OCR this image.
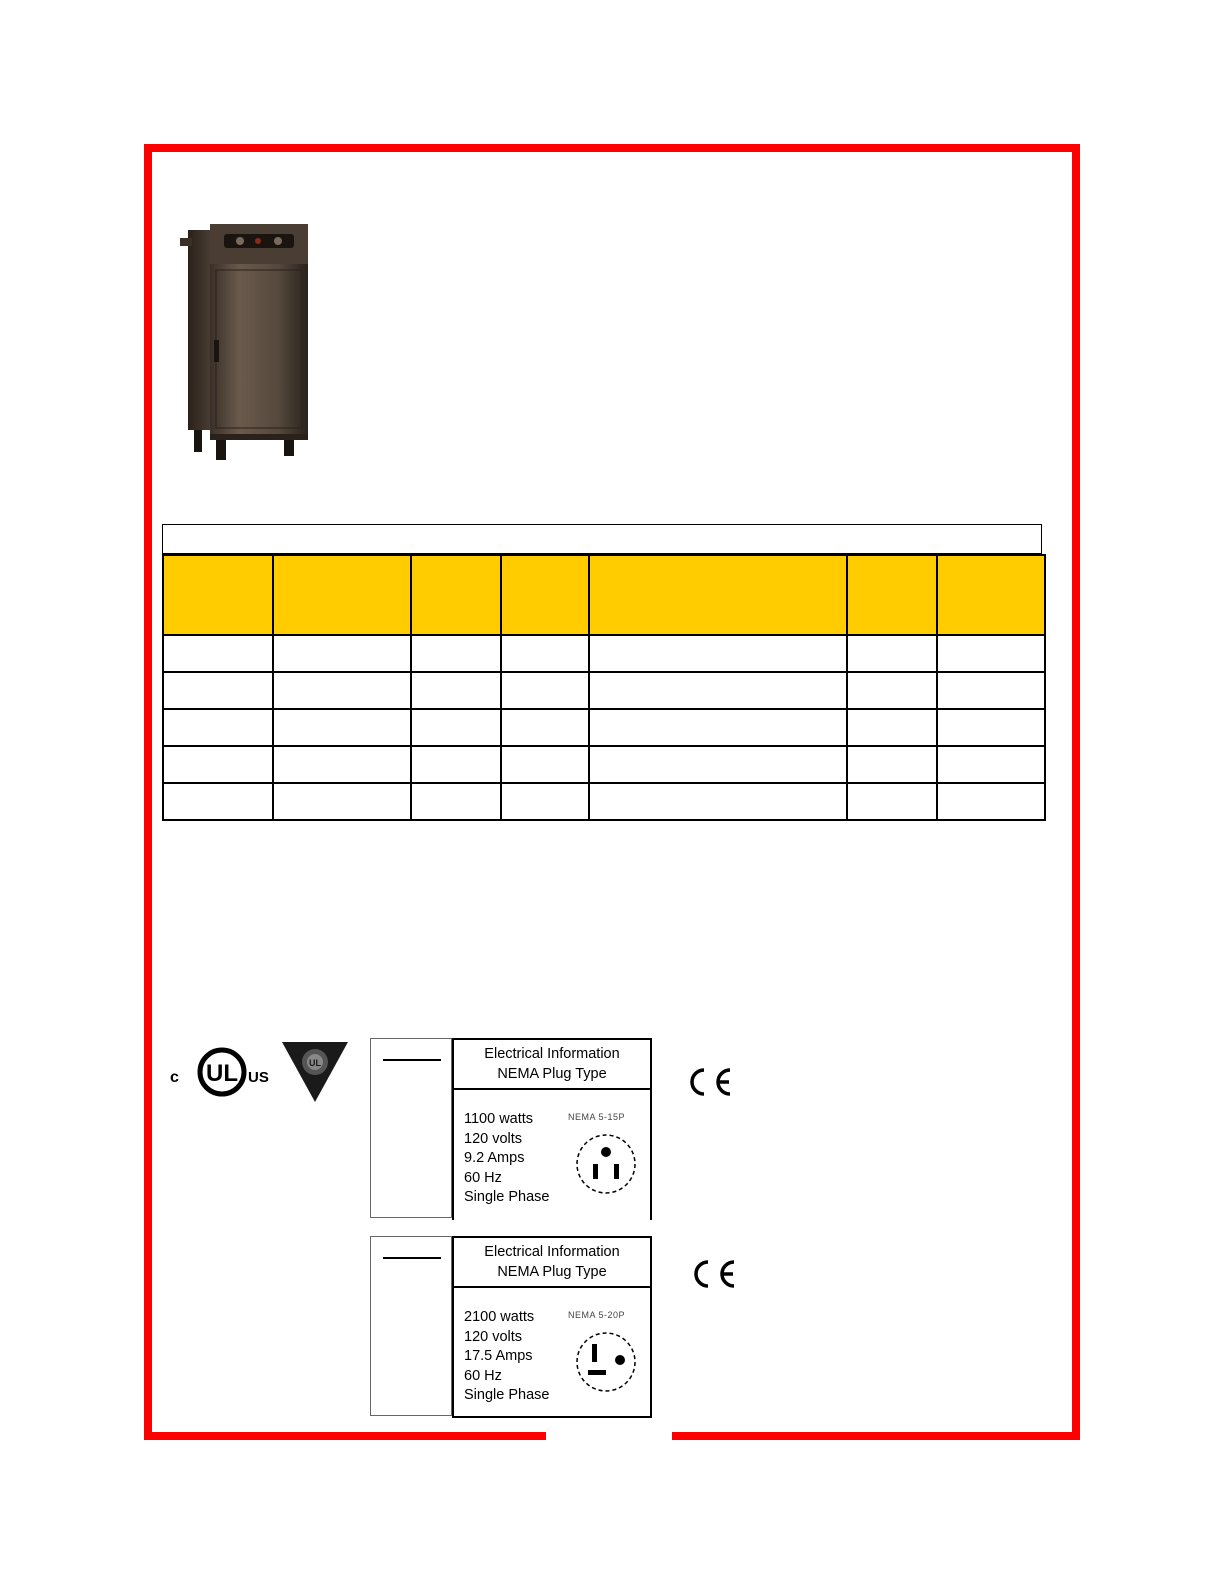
c UL US
UL
Electrical Information
NEMA Plug Type
1100 watts
120 volts
9.2 Amps
60 Hz
Single Phase
NEMA 5-15P
Electrical Information
NEMA Plug Type
2100 watts
120 volts
17.5 Amps
60 Hz
Single Phase
NEMA 5-20P
